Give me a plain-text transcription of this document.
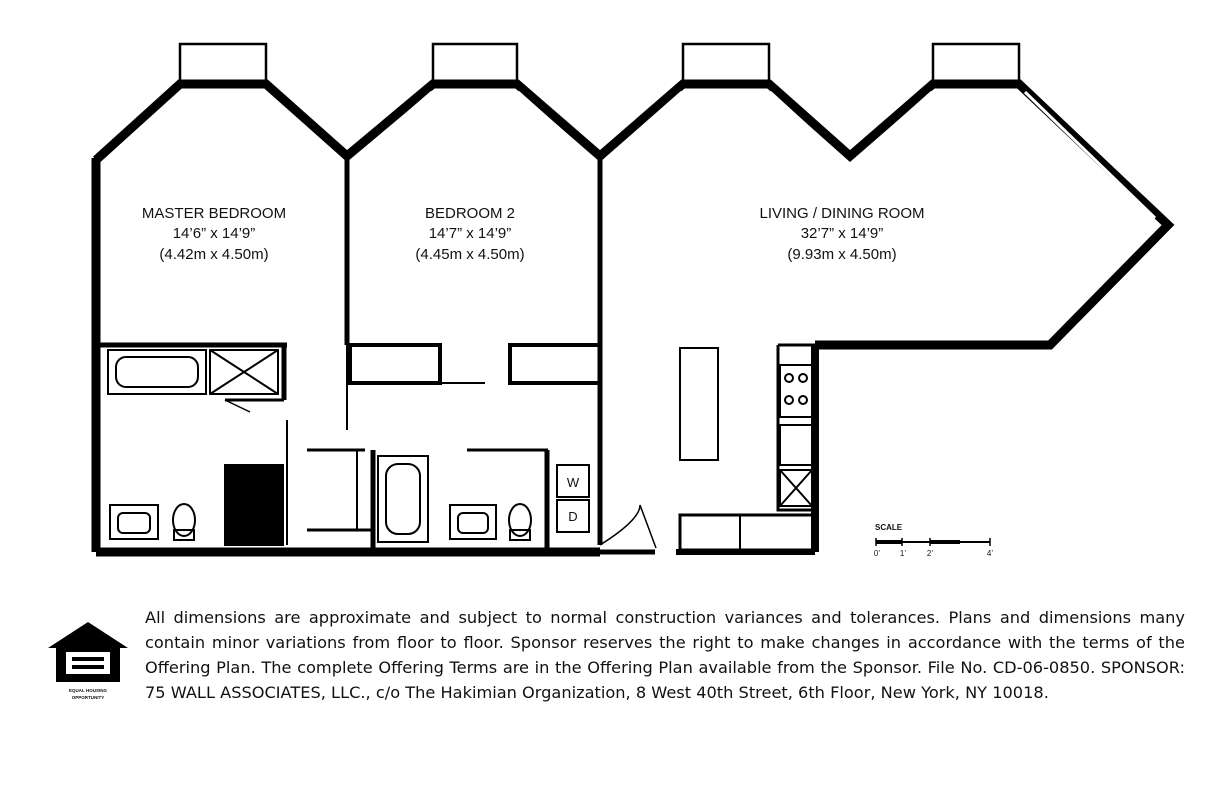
MASTER BEDROOM
14’6” x 14’9”
(4.42m x 4.50m)
BEDROOM 2
14’7” x 14’9”
(4.45m x 4.50m)
LIVING / DINING ROOM
32’7” x 14’9”
(9.93m x 4.50m)
W
D
SCALE
0’ 1’	2’	4’
EQUAL HOUSING
OPPORTUNITY

All dimensions are approximate and subject to normal construction variances and tolerances. Plans and dimensions many contain minor variations from floor to floor. Sponsor reserves the right to make changes in accordance with the terms of the Offering Plan. The complete Offering Terms are in the Offering Plan available from the Sponsor. File No. CD-06-0850. SPONSOR: 75 WALL ASSOCIATES, LLC., c/o The Hakimian Organization, 8 West 40th Street, 6th Floor, New York, NY 10018.
